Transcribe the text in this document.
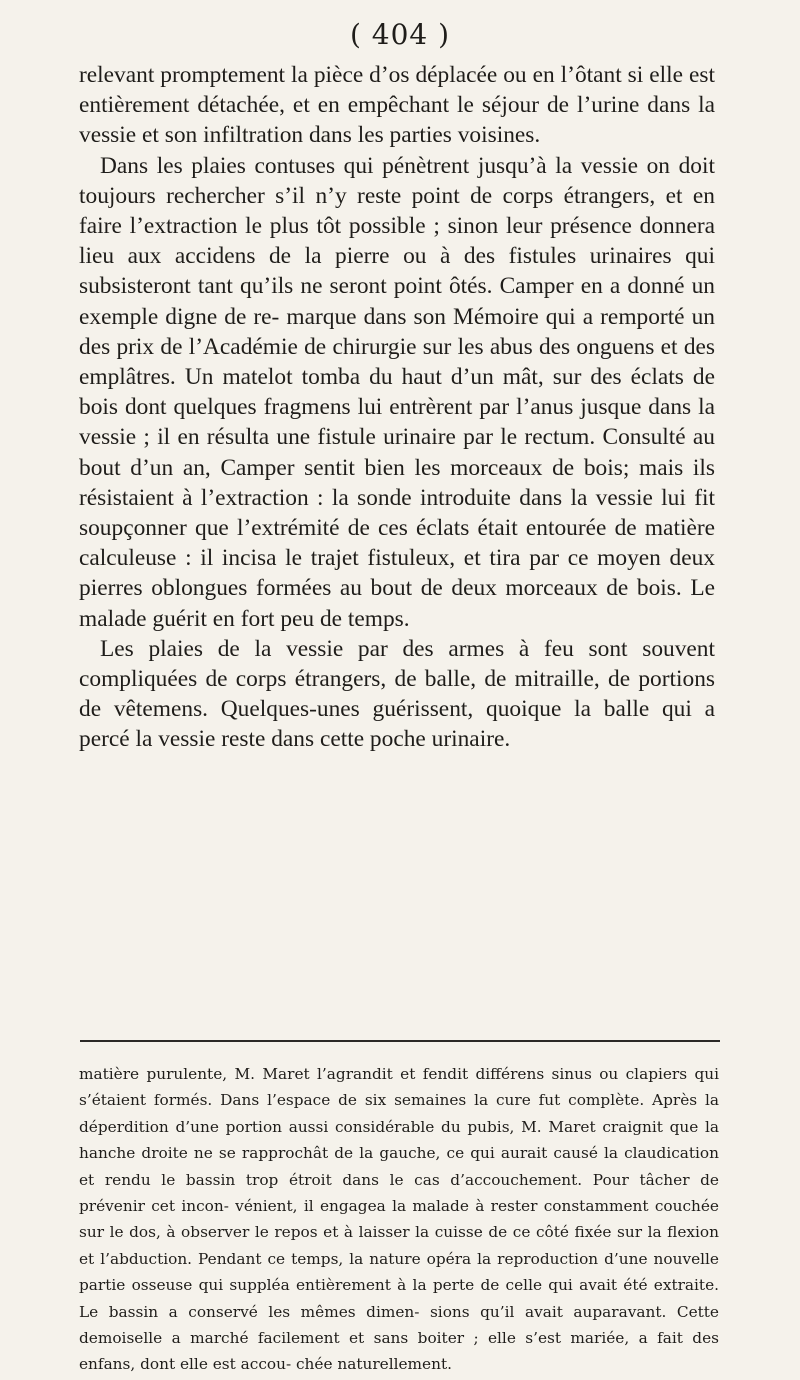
( 404 )

relevant promptement la pièce d’os déplacée ou en l’ôtant si elle est entièrement détachée, et en empêchant le séjour de l’urine dans la vessie et son infiltration dans les parties voisines.

Dans les plaies contuses qui pénètrent jusqu’à la vessie on doit toujours rechercher s’il n’y reste point de corps étrangers, et en faire l’extraction le plus tôt possible ; sinon leur présence donnera lieu aux accidens de la pierre ou à des fistules urinaires qui subsisteront tant qu’ils ne seront point ôtés. Camper en a donné un exemple digne de re- marque dans son Mémoire qui a remporté un des prix de l’Académie de chirurgie sur les abus des onguens et des emplâtres. Un matelot tomba du haut d’un mât, sur des éclats de bois dont quelques fragmens lui entrèrent par l’anus jusque dans la vessie ; il en résulta une fistule urinaire par le rectum. Consulté au bout d’un an, Camper sentit bien les morceaux de bois; mais ils résistaient à l’extraction : la sonde introduite dans la vessie lui fit soupçonner que l’extrémité de ces éclats était entourée de matière calculeuse : il incisa le trajet fistuleux, et tira par ce moyen deux pierres oblongues formées au bout de deux morceaux de bois. Le malade guérit en fort peu de temps.

Les plaies de la vessie par des armes à feu sont souvent compliquées de corps étrangers, de balle, de mitraille, de portions de vêtemens. Quelques-unes guérissent, quoique la balle qui a percé la vessie reste dans cette poche urinaire.

matière purulente, M. Maret l’agrandit et fendit différens sinus ou clapiers qui s’étaient formés. Dans l’espace de six semaines la cure fut complète. Après la déperdition d’une portion aussi considérable du pubis, M. Maret craignit que la hanche droite ne se rapprochât de la gauche, ce qui aurait causé la claudication et rendu le bassin trop étroit dans le cas d’accouchement. Pour tâcher de prévenir cet incon- vénient, il engagea la malade à rester constamment couchée sur le dos, à observer le repos et à laisser la cuisse de ce côté fixée sur la flexion et l’abduction. Pendant ce temps, la nature opéra la reproduction d’une nouvelle partie osseuse qui suppléa entièrement à la perte de celle qui avait été extraite. Le bassin a conservé les mêmes dimen- sions qu’il avait auparavant. Cette demoiselle a marché facilement et sans boiter ; elle s’est mariée, a fait des enfans, dont elle est accou- chée naturellement.
